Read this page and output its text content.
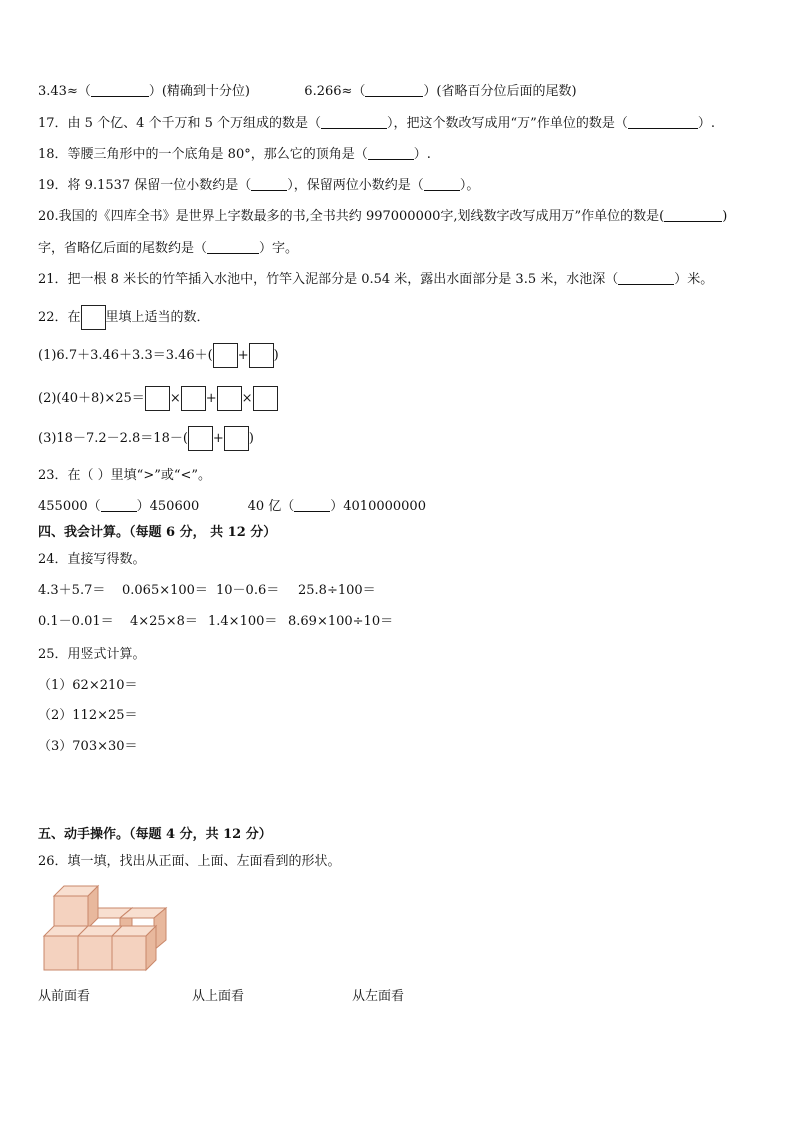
3.43≈（	）(精确到十分位)	6.266≈（	）(省略百分位后面的尾数)
17．由 5 个亿、4 个千万和 5 个万组成的数是（	），把这个数改写成用“万”作单位的数是（	）.
18．等腰三角形中的一个底角是 80°，那么它的顶角是（	）.
19．将 9.1537 保留一位小数约是（	），保留两位小数约是（	）。
20.我国的《四库全书》是世界上字数最多的书,全书共约 997000000字,划线数字改写成用万”作单位的数是(	)
字，省略亿后面的尾数约是（	）字。
21．把一根 8 米长的竹竿插入水池中，竹竿入泥部分是 0.54 米，露出水面部分是 3.5 米，水池深（	）米。
22．在 里填上适当的数．
(1)6.7＋3.46＋3.3＝3.46＋( + )
(2)(40＋8)×25＝ × + ×
(3)18－7.2－2.8＝18－( + )
23．在（ ）里填“>”或“<”。
455000（	）450600	40 亿（	）4010000000
四、我会计算。（每题 6 分， 共 12 分）
24．直接写得数。
4.3＋5.7＝ 0.065×100＝ 10－0.6＝ 25.8÷100＝
0.1－0.01＝ 4×25×8＝ 1.4×100＝ 8.69×100÷10＝
25．用竖式计算。
（1）62×210＝
（2）112×25＝
（3）703×30＝
五、动手操作。（每题 4 分，共 12 分）
26．填一填，找出从正面、上面、左面看到的形状。
从前面看	从上面看	从左面看
